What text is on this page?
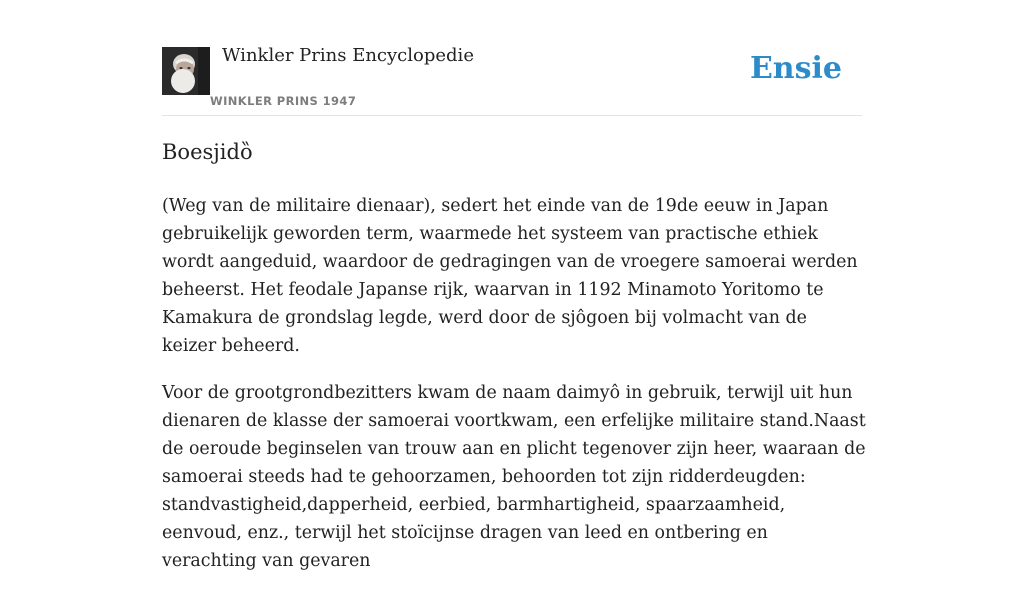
Winkler Prins Encyclopedie
WINKLER PRINS 1947
Ensie
Boesjidȍ

(Weg van de militaire dienaar), sedert het einde van de 19de eeuw in Japan gebruikelijk geworden term, waarmede het systeem van practische ethiek wordt aangeduid, waardoor de gedragingen van de vroegere samoerai werden beheerst. Het feodale Japanse rijk, waarvan in 1192 Minamoto Yoritomo te Kamakura de grondslag legde, werd door de sjôgoen bij volmacht van de keizer beheerd.

Voor de grootgrondbezitters kwam de naam daimyô in gebruik, terwijl uit hun dienaren de klasse der samoerai voortkwam, een erfelijke militaire stand.Naast de oeroude beginselen van trouw aan en plicht tegenover zijn heer, waaraan de samoerai steeds had te gehoorzamen, behoorden tot zijn ridderdeugden: standvastigheid,dapperheid, eerbied, barmhartigheid, spaarzaamheid, eenvoud, enz., terwijl het stoïcijnse dragen van leed en ontbering en verachting van gevaren
